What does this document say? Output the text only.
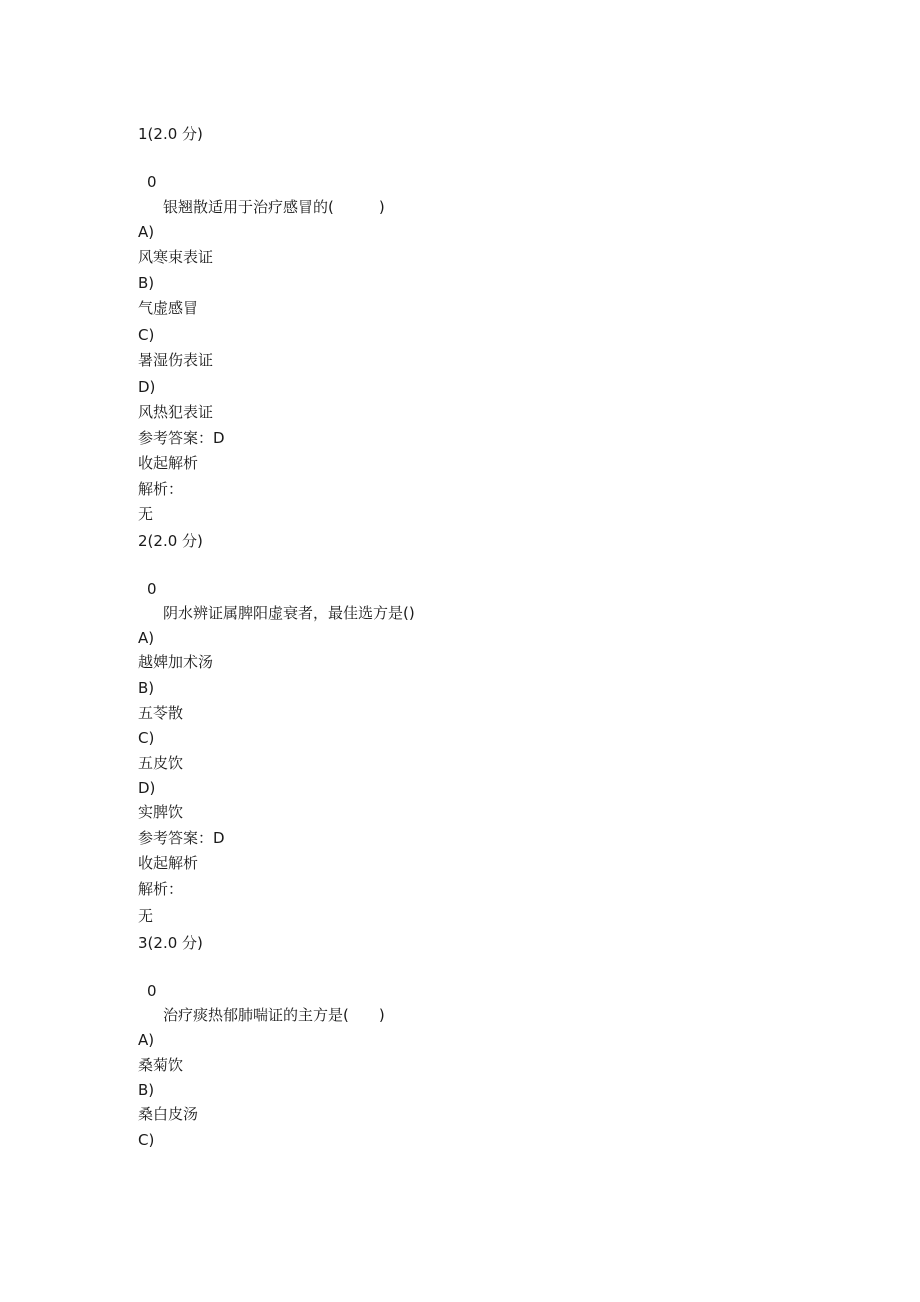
1(2.0 分)
0
银翘散适用于治疗感冒的(　　　)
A)
风寒束表证
B)
气虚感冒
C)
暑湿伤表证
D)
风热犯表证
参考答案：D
收起解析
解析：
无
2(2.0 分)
0
阴水辨证属脾阳虚衰者，最佳选方是()
A)
越婢加术汤
B)
五苓散
C)
五皮饮
D)
实脾饮
参考答案：D
收起解析
解析：
无
3(2.0 分)
0
治疗痰热郁肺喘证的主方是(　　)
A)
桑菊饮
B)
桑白皮汤
C)
